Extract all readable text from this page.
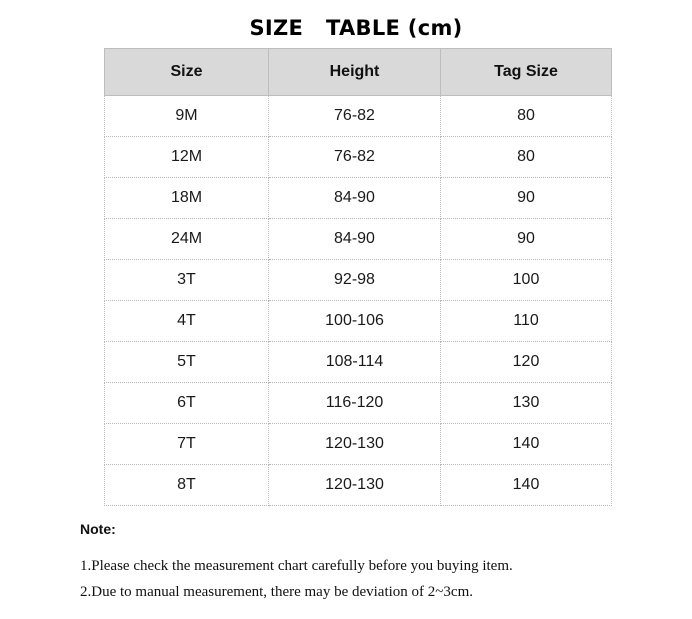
SIZE   TABLE (cm)
Size	Height	Tag Size
9M	76-82	80
12M	76-82	80
18M	84-90	90
24M	84-90	90
3T	92-98	100
4T	100-106	110
5T	108-114	120
6T	116-120	130
7T	120-130	140
8T	120-130	140
Note:
1.Please check the measurement chart carefully before you buying item.
2.Due to manual measurement, there may be deviation of 2~3cm.
